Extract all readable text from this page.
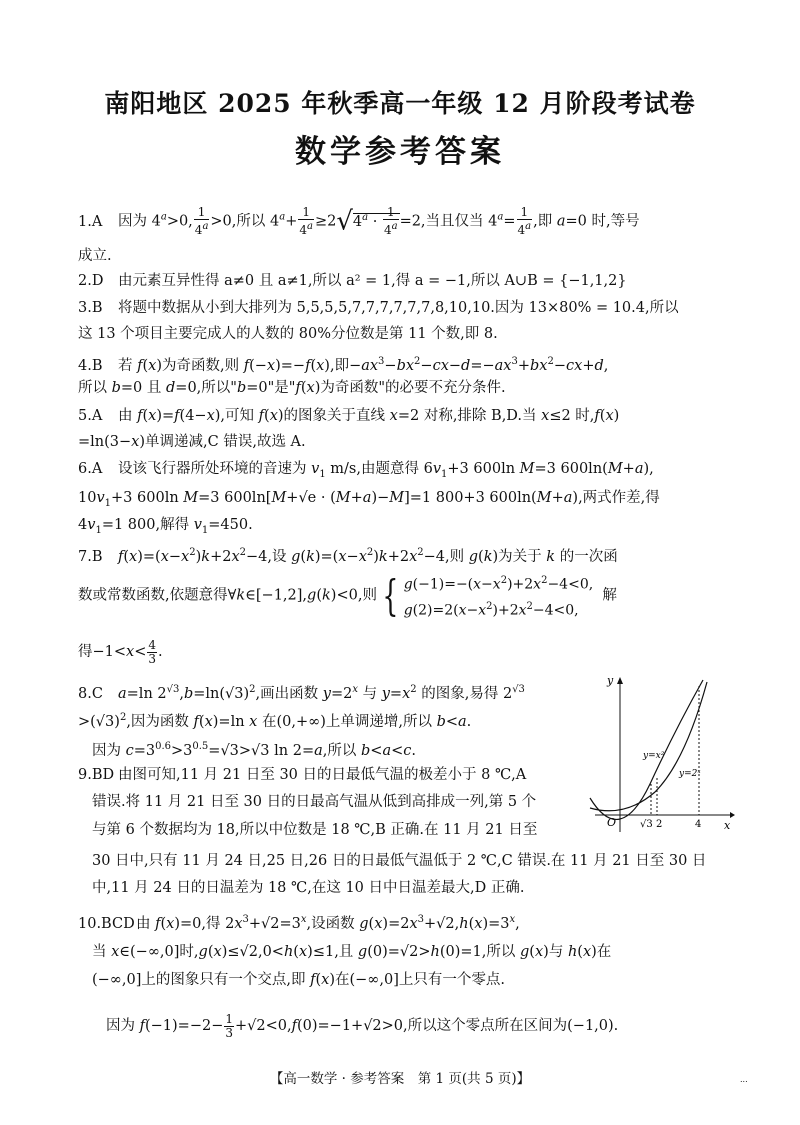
南阳地区 2025 年秋季高一年级 12 月阶段考试卷
数学参考答案
1.A 因为 $4^a>0$, $\frac{1}{4^a} >0$,所以 $4^a+ \frac{1}{4^a} \ge 2√4^a \cdot \frac{1}{4^a} =2$,当且仅当 $4^a= \frac{1}{4^a}$ ,即 a=0 时,等号
成立.
2.D 由元素互异性得 a≠0 且 a≠1,所以 a² = 1,得 a = −1,所以 A∪B = {−1,1,2}
3.B 将题中数据从小到大排列为 5,5,5,5,7,7,7,7,7,7,8,10,10.因为 13×80% = 10.4,所以
这 13 个项目主要完成人的人数的 80%分位数是第 11 个数,即 8.
4.B 若 f(x)为奇函数,则 f(−x)=−f(x),即$-ax^3-bx^2-cx-d=-ax^3+bx^2-cx+d$,
所以 b=0 且 d=0,所以"b=0"是"f(x)为奇函数"的必要不充分条件.
5.A 由 f(x)=f(4−x),可知 f(x)的图象关于直线 x=2 对称,排除 B,D.当 x≤2 时,f(x)
=ln(3−x)单调递减,C 错误,故选 A.
6.A 设该飞行器所处环境的音速为 $v_1$ m/s,由题意得 $6v_1+3$ 600ln M=3 600ln(M+a),
$10v_1+3$ 600ln M=3 600ln[M+√e · (M+a)−M]=1 800+3 600ln(M+a),两式作差,得
$4v_1=1$ 800,解得 $v_1=450$.
7.B $f(x)=(x-x^2)k+2x^2-4$,设 $g(k)=(x-x^2)k+2x^2-4$,则 g(k)为关于 k 的一次函
数或常数函数,依题意得∀k∈[−1,2],g(k)<0,则 { $g(-1)=-(x-x^2)+2x^2-4<0$,
$g(2)=2(x-x^2)+2x^2-4<0$,  解
得$-1<x< \frac{4}{3}$ .
8.C a=ln $2^{√3},b=\ln(√3)^2$,画出函数 $y=2^x$ 与 $y=x^2$ 的图象,易得 $2^{√3}$
$>(√3)^2$,因为函数 f(x)=ln x 在(0,+∞)上单调递增,所以 b<a.
因为 $c=3^{0.6}>3^{0.5}=√3>√3$ ln 2=a,所以 b<a<c.
y
x
O √3 2	4
y=x²
y=2ˣ
9.BD 由图可知,11 月 21 日至 30 日的日最低气温的极差小于 8 ℃,A
错误.将 11 月 21 日至 30 日的日最高气温从低到高排成一列,第 5 个
与第 6 个数据均为 18,所以中位数是 18 ℃,B 正确.在 11 月 21 日至
30 日中,只有 11 月 24 日,25 日,26 日的日最低气温低于 2 ℃,C 错误.在 11 月 21 日至 30 日
中,11 月 24 日的日温差为 18 ℃,在这 10 日中日温差最大,D 正确.
10.BCD由 f(x)=0,得 $2x^3+√2=3^x$,设函数 $g(x)=2x^3+√2,h(x)=3^x$,
当 x∈(−∞,0]时,g(x)≤√2,0<h(x)≤1,且 g(0)=√2>h(0)=1,所以 g(x)与 h(x)在
(−∞,0]上的图象只有一个交点,即 f(x)在(−∞,0]上只有一个零点.
因为 $f(-1)=-2- \frac{1}{3} +√2<0,f(0)=-1+√2>0$,所以这个零点所在区间为(−1,0).
【高一数学 · 参考答案　第 1 页(共 5 页)】	...
